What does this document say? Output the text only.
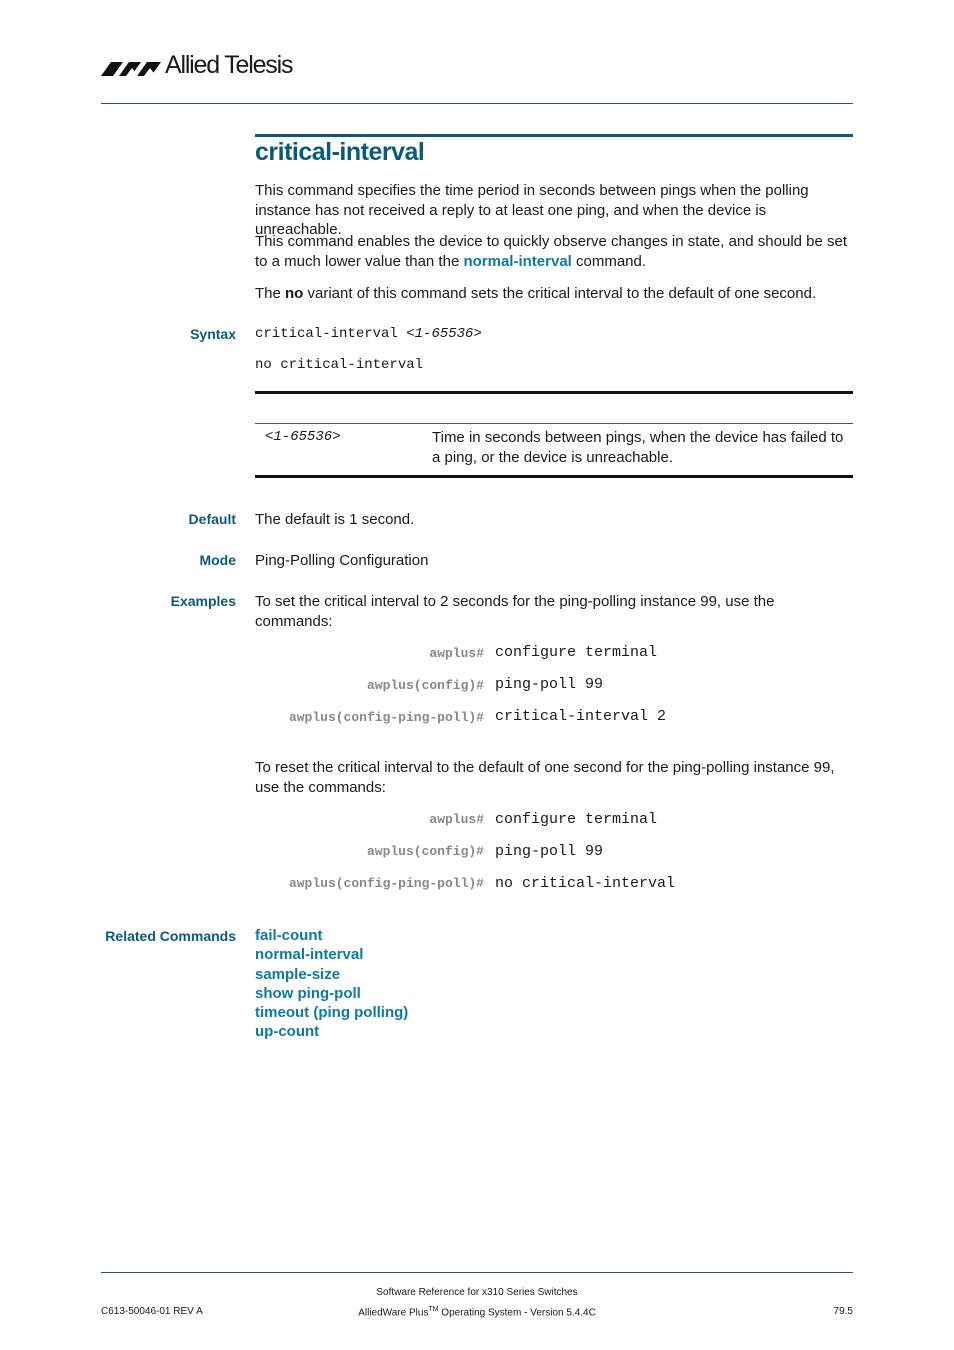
Allied Telesis
critical-interval
This command specifies the time period in seconds between pings when the polling instance has not received a reply to at least one ping, and when the device is unreachable.
This command enables the device to quickly observe changes in state, and should be set to a much lower value than the normal-interval command.
The no variant of this command sets the critical interval to the default of one second.
Syntax critical-interval <1-65536>
no critical-interval
<1-65536>	Time in seconds between pings, when the device has failed to a ping, or the device is unreachable.
Default The default is 1 second.
Mode Ping-Polling Configuration
Examples To set the critical interval to 2 seconds for the ping-polling instance 99, use the commands:
awplus# configure terminal
awplus(config)# ping-poll 99
awplus(config-ping-poll)# critical-interval 2
To reset the critical interval to the default of one second for the ping-polling instance 99, use the commands:
awplus# configure terminal
awplus(config)# ping-poll 99
awplus(config-ping-poll)# no critical-interval
Related Commands fail-count
normal-interval
sample-size
show ping-poll
timeout (ping polling)
up-count
Software Reference for x310 Series Switches
C613-50046-01 REV A	AlliedWare Plus™ Operating System - Version 5.4.4C	79.5
